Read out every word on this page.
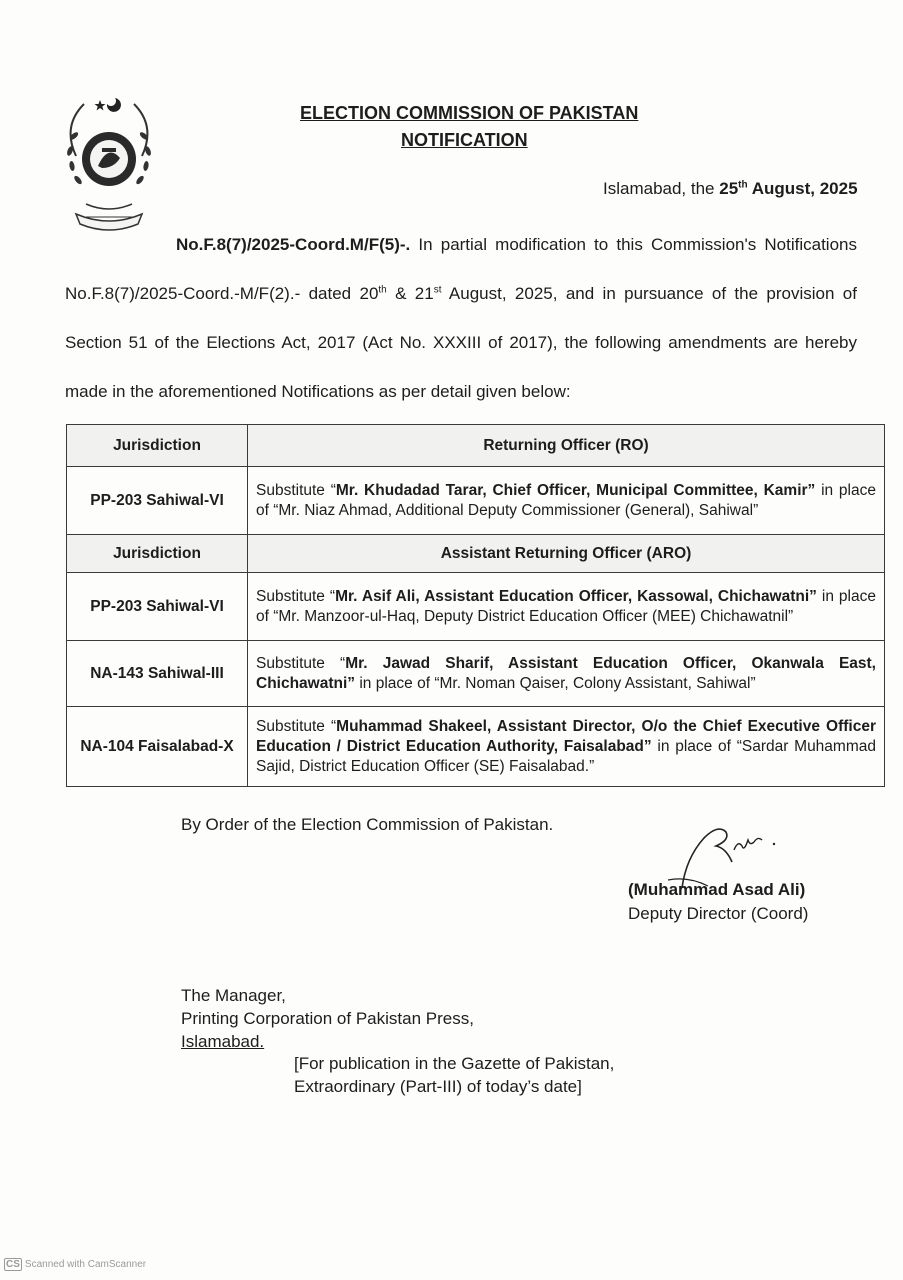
ELECTION COMMISSION OF PAKISTAN
NOTIFICATION
Islamabad, the 25th August, 2025
No.F.8(7)/2025-Coord.M/F(5)-. In partial modification to this Commission's Notifications
No.F.8(7)/2025-Coord.-M/F(2).- dated 20th & 21st August, 2025, and in pursuance of the provision of
Section 51 of the Elections Act, 2017 (Act No. XXXIII of 2017), the following amendments are hereby
made in the aforementioned Notifications as per detail given below:
Jurisdiction	Returning Officer (RO)
PP-203 Sahiwal-VI	Substitute “Mr. Khudadad Tarar, Chief Officer, Municipal Committee, Kamir” in place of “Mr. Niaz Ahmad, Additional Deputy Commissioner (General), Sahiwal”
Jurisdiction	Assistant Returning Officer (ARO)
PP-203 Sahiwal-VI	Substitute “Mr. Asif Ali, Assistant Education Officer, Kassowal, Chichawatni” in place of “Mr. Manzoor-ul-Haq, Deputy District Education Officer (MEE) Chichawatnil”
NA-143 Sahiwal-III	Substitute “Mr. Jawad Sharif, Assistant Education Officer, Okanwala East, Chichawatni” in place of “Mr. Noman Qaiser, Colony Assistant, Sahiwal”
NA-104 Faisalabad-X	Substitute “Muhammad Shakeel, Assistant Director, O/o the Chief Executive Officer Education / District Education Authority, Faisalabad” in place of “Sardar Muhammad Sajid, District Education Officer (SE) Faisalabad.”
By Order of the Election Commission of Pakistan.
(Muhammad Asad Ali)
Deputy Director (Coord)
The Manager,
Printing Corporation of Pakistan Press,
Islamabad.
[For publication in the Gazette of Pakistan,
Extraordinary (Part-III) of today’s date]
CS Scanned with CamScanner
